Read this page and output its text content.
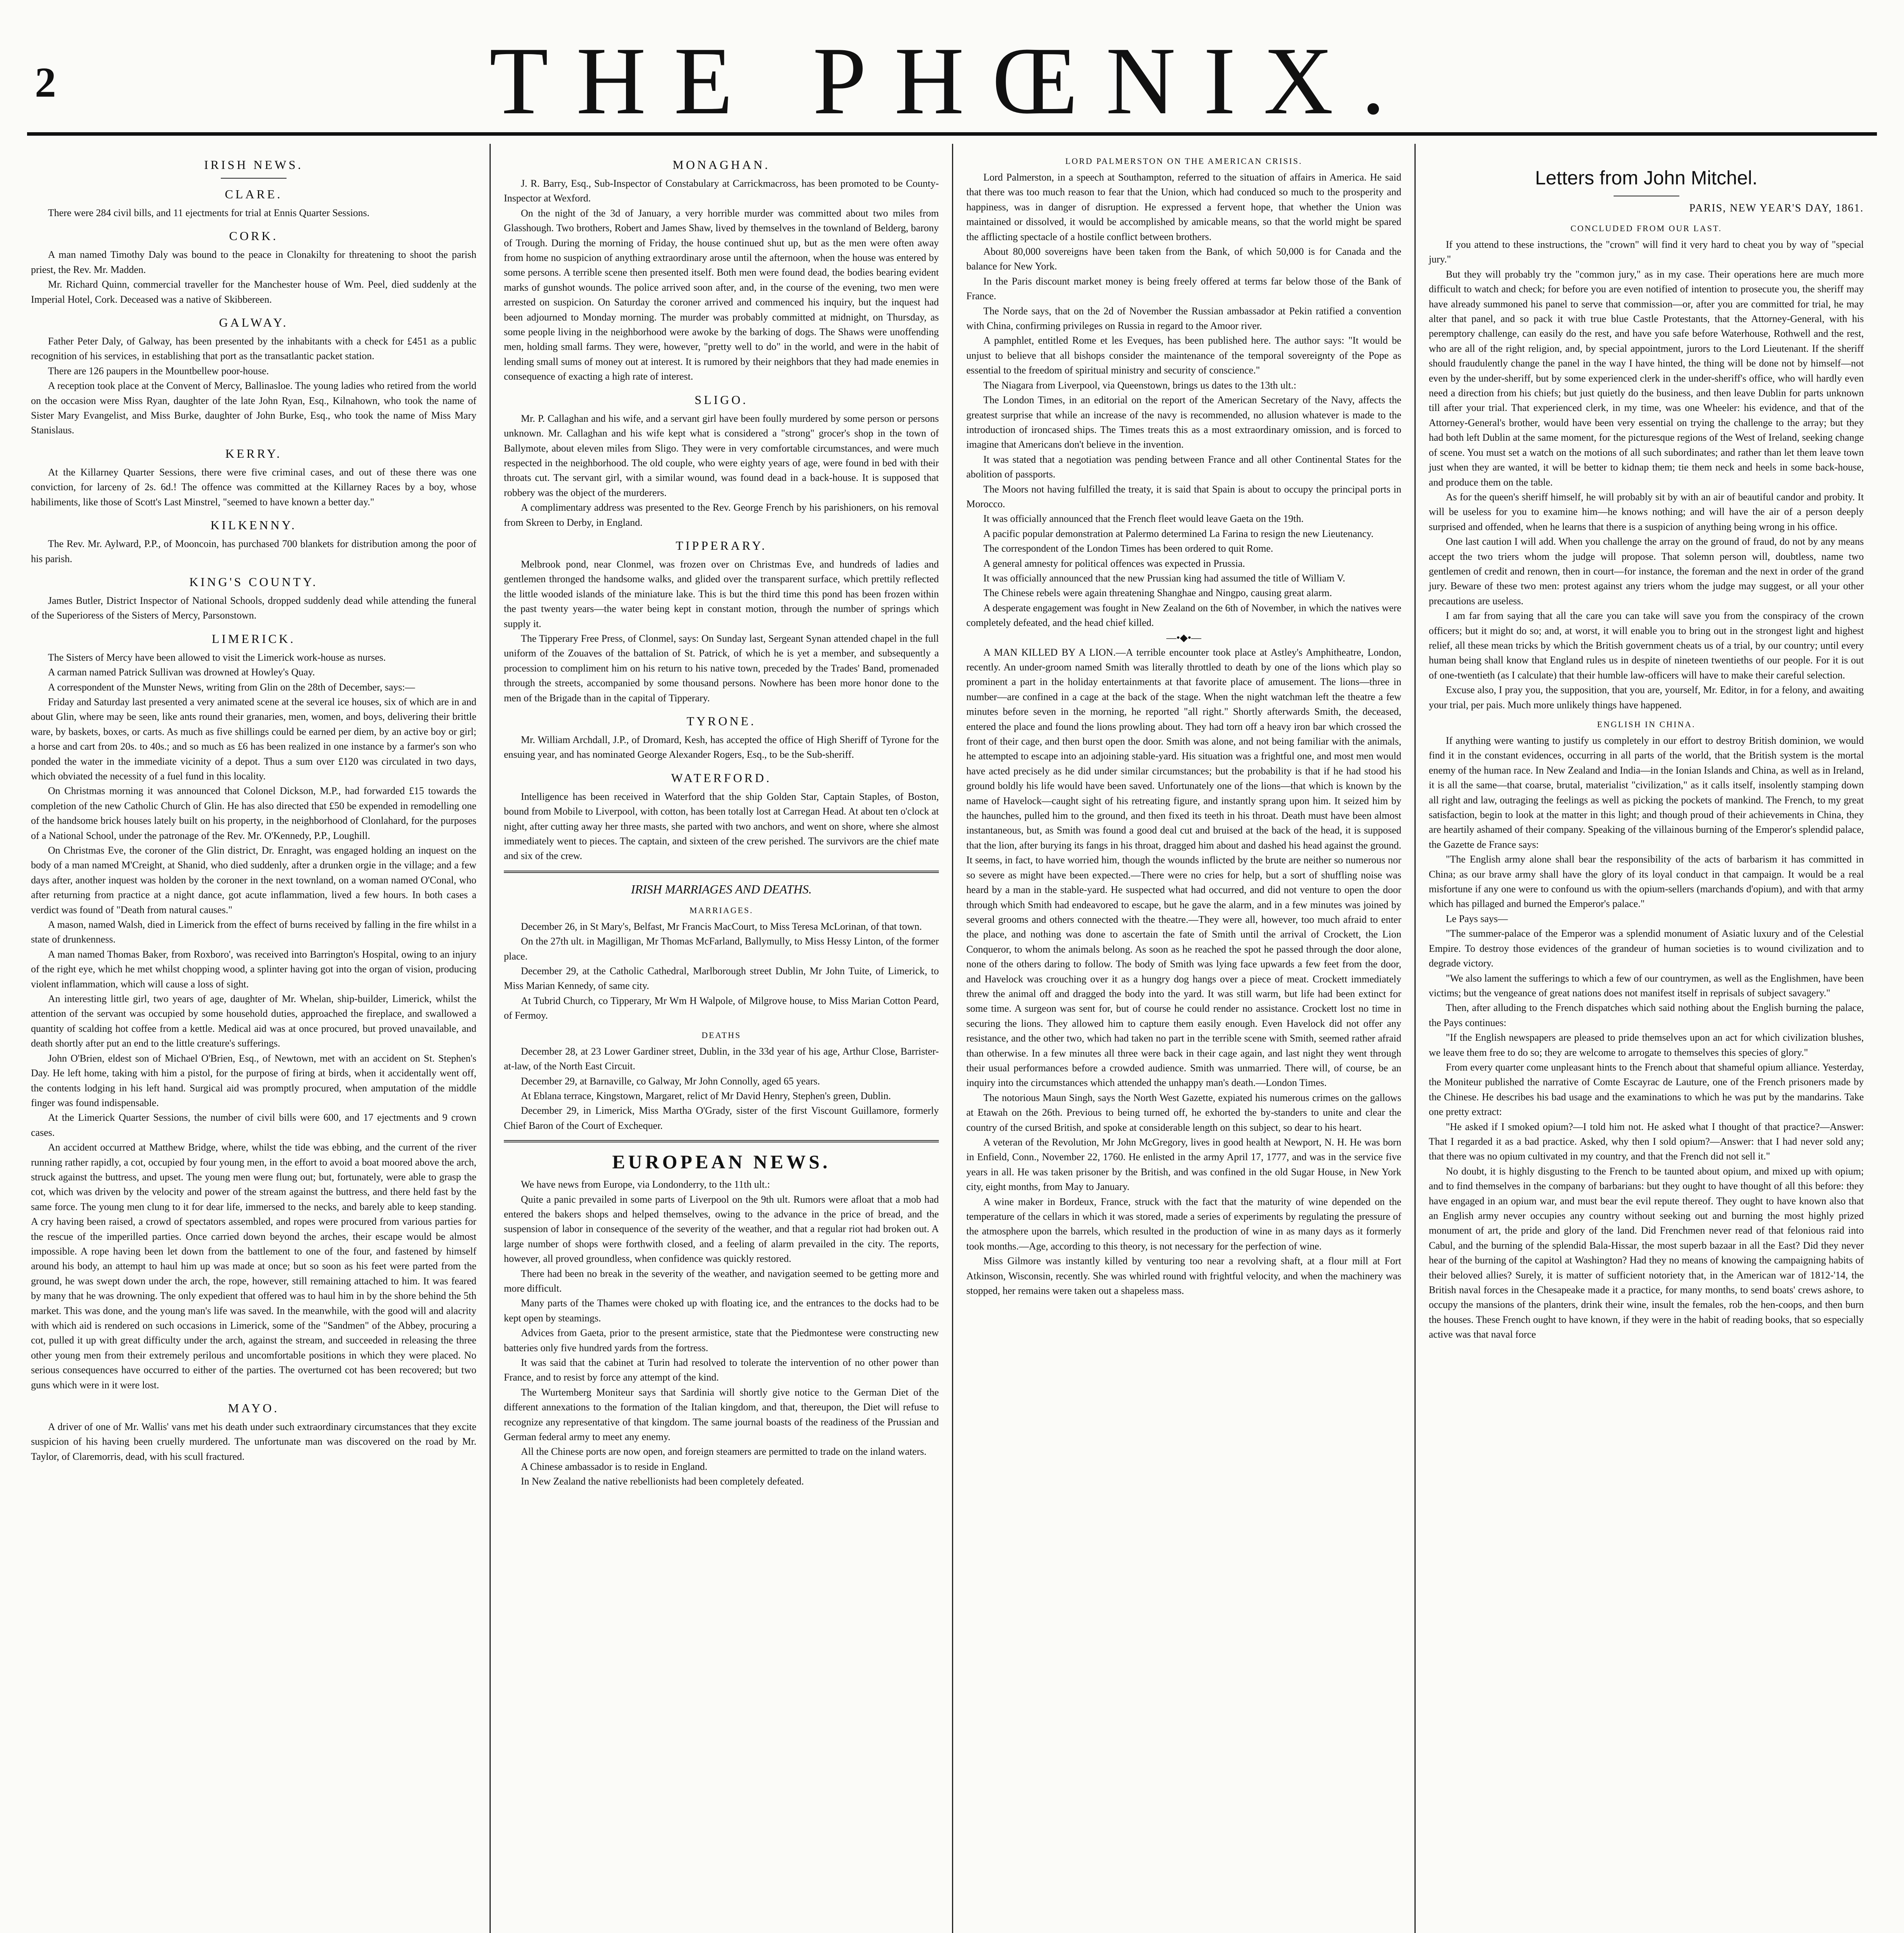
2	THE PHŒNIX.
IRISH NEWS.
CLARE.

There were 284 civil bills, and 11 ejectments for trial at Ennis Quarter Sessions.

CORK.

A man named Timothy Daly was bound to the peace in Clonakilty for threatening to shoot the parish priest, the Rev. Mr. Madden.

Mr. Richard Quinn, commercial traveller for the Manchester house of Wm. Peel, died suddenly at the Imperial Hotel, Cork. Deceased was a native of Skibbereen.

GALWAY.

Father Peter Daly, of Galway, has been presented by the inhabitants with a check for £451 as a public recognition of his services, in establishing that port as the transatlantic packet station.

There are 126 paupers in the Mountbellew poor-house.

A reception took place at the Convent of Mercy, Ballinasloe. The young ladies who retired from the world on the occasion were Miss Ryan, daughter of the late John Ryan, Esq., Kilnahown, who took the name of Sister Mary Evangelist, and Miss Burke, daughter of John Burke, Esq., who took the name of Miss Mary Stanislaus.

KERRY.

At the Killarney Quarter Sessions, there were five criminal cases, and out of these there was one conviction, for larceny of 2s. 6d.! The offence was committed at the Killarney Races by a boy, whose habiliments, like those of Scott's Last Minstrel, "seemed to have known a better day."

KILKENNY.

The Rev. Mr. Aylward, P.P., of Mooncoin, has purchased 700 blankets for distribution among the poor of his parish.

KING'S COUNTY.

James Butler, District Inspector of National Schools, dropped suddenly dead while attending the funeral of the Superioress of the Sisters of Mercy, Parsonstown.

LIMERICK.

The Sisters of Mercy have been allowed to visit the Limerick work-house as nurses.

A carman named Patrick Sullivan was drowned at Howley's Quay.

A correspondent of the Munster News, writing from Glin on the 28th of December, says:—

Friday and Saturday last presented a very animated scene at the several ice houses, six of which are in and about Glin, where may be seen, like ants round their granaries, men, women, and boys, delivering their brittle ware, by baskets, boxes, or carts. As much as five shillings could be earned per diem, by an active boy or girl; a horse and cart from 20s. to 40s.; and so much as £6 has been realized in one instance by a farmer's son who ponded the water in the immediate vicinity of a depot. Thus a sum over £120 was circulated in two days, which obviated the necessity of a fuel fund in this locality.

On Christmas morning it was announced that Colonel Dickson, M.P., had forwarded £15 towards the completion of the new Catholic Church of Glin. He has also directed that £50 be expended in remodelling one of the handsome brick houses lately built on his property, in the neighborhood of Clonlahard, for the purposes of a National School, under the patronage of the Rev. Mr. O'Kennedy, P.P., Loughill.

On Christmas Eve, the coroner of the Glin district, Dr. Enraght, was engaged holding an inquest on the body of a man named M'Creight, at Shanid, who died suddenly, after a drunken orgie in the village; and a few days after, another inquest was holden by the coroner in the next townland, on a woman named O'Conal, who after returning from practice at a night dance, got acute inflammation, lived a few hours. In both cases a verdict was found of "Death from natural causes."

A mason, named Walsh, died in Limerick from the effect of burns received by falling in the fire whilst in a state of drunkenness.

A man named Thomas Baker, from Roxboro', was received into Barrington's Hospital, owing to an injury of the right eye, which he met whilst chopping wood, a splinter having got into the organ of vision, producing violent inflammation, which will cause a loss of sight.

An interesting little girl, two years of age, daughter of Mr. Whelan, ship-builder, Limerick, whilst the attention of the servant was occupied by some household duties, approached the fireplace, and swallowed a quantity of scalding hot coffee from a kettle. Medical aid was at once procured, but proved unavailable, and death shortly after put an end to the little creature's sufferings.

John O'Brien, eldest son of Michael O'Brien, Esq., of Newtown, met with an accident on St. Stephen's Day. He left home, taking with him a pistol, for the purpose of firing at birds, when it accidentally went off, the contents lodging in his left hand. Surgical aid was promptly procured, when amputation of the middle finger was found indispensable.

At the Limerick Quarter Sessions, the number of civil bills were 600, and 17 ejectments and 9 crown cases.

An accident occurred at Matthew Bridge, where, whilst the tide was ebbing, and the current of the river running rather rapidly, a cot, occupied by four young men, in the effort to avoid a boat moored above the arch, struck against the buttress, and upset. The young men were flung out; but, fortunately, were able to grasp the cot, which was driven by the velocity and power of the stream against the buttress, and there held fast by the same force. The young men clung to it for dear life, immersed to the necks, and barely able to keep standing. A cry having been raised, a crowd of spectators assembled, and ropes were procured from various parties for the rescue of the imperilled parties. Once carried down beyond the arches, their escape would be almost impossible. A rope having been let down from the battlement to one of the four, and fastened by himself around his body, an attempt to haul him up was made at once; but so soon as his feet were parted from the ground, he was swept down under the arch, the rope, however, still remaining attached to him. It was feared by many that he was drowning. The only expedient that offered was to haul him in by the shore behind the 5th market. This was done, and the young man's life was saved. In the meanwhile, with the good will and alacrity with which aid is rendered on such occasions in Limerick, some of the "Sandmen" of the Abbey, procuring a cot, pulled it up with great difficulty under the arch, against the stream, and succeeded in releasing the three other young men from their extremely perilous and uncomfortable positions in which they were placed. No serious consequences have occurred to either of the parties. The overturned cot has been recovered; but two guns which were in it were lost.

MAYO.

A driver of one of Mr. Wallis' vans met his death under such extraordinary circumstances that they excite suspicion of his having been cruelly murdered. The unfortunate man was discovered on the road by Mr. Taylor, of Claremorris, dead, with his scull fractured.

MONAGHAN.

J. R. Barry, Esq., Sub-Inspector of Constabulary at Carrickmacross, has been promoted to be County-Inspector at Wexford.

On the night of the 3d of January, a very horrible murder was committed about two miles from Glasshough. Two brothers, Robert and James Shaw, lived by themselves in the townland of Belderg, barony of Trough. During the morning of Friday, the house continued shut up, but as the men were often away from home no suspicion of anything extraordinary arose until the afternoon, when the house was entered by some persons. A terrible scene then presented itself. Both men were found dead, the bodies bearing evident marks of gunshot wounds. The police arrived soon after, and, in the course of the evening, two men were arrested on suspicion. On Saturday the coroner arrived and commenced his inquiry, but the inquest had been adjourned to Monday morning. The murder was probably committed at midnight, on Thursday, as some people living in the neighborhood were awoke by the barking of dogs. The Shaws were unoffending men, holding small farms. They were, however, "pretty well to do" in the world, and were in the habit of lending small sums of money out at interest. It is rumored by their neighbors that they had made enemies in consequence of exacting a high rate of interest.

SLIGO.

Mr. P. Callaghan and his wife, and a servant girl have been foully murdered by some person or persons unknown. Mr. Callaghan and his wife kept what is considered a "strong" grocer's shop in the town of Ballymote, about eleven miles from Sligo. They were in very comfortable circumstances, and were much respected in the neighborhood. The old couple, who were eighty years of age, were found in bed with their throats cut. The servant girl, with a similar wound, was found dead in a back-house. It is supposed that robbery was the object of the murderers.

A complimentary address was presented to the Rev. George French by his parishioners, on his removal from Skreen to Derby, in England.

TIPPERARY.

Melbrook pond, near Clonmel, was frozen over on Christmas Eve, and hundreds of ladies and gentlemen thronged the handsome walks, and glided over the transparent surface, which prettily reflected the little wooded islands of the miniature lake. This is but the third time this pond has been frozen within the past twenty years—the water being kept in constant motion, through the number of springs which supply it.

The Tipperary Free Press, of Clonmel, says: On Sunday last, Sergeant Synan attended chapel in the full uniform of the Zouaves of the battalion of St. Patrick, of which he is yet a member, and subsequently a procession to compliment him on his return to his native town, preceded by the Trades' Band, promenaded through the streets, accompanied by some thousand persons. Nowhere has been more honor done to the men of the Brigade than in the capital of Tipperary.

TYRONE.

Mr. William Archdall, J.P., of Dromard, Kesh, has accepted the office of High Sheriff of Tyrone for the ensuing year, and has nominated George Alexander Rogers, Esq., to be the Sub-sheriff.

WATERFORD.

Intelligence has been received in Waterford that the ship Golden Star, Captain Staples, of Boston, bound from Mobile to Liverpool, with cotton, has been totally lost at Carregan Head. At about ten o'clock at night, after cutting away her three masts, she parted with two anchors, and went on shore, where she almost immediately went to pieces. The captain, and sixteen of the crew perished. The survivors are the chief mate and six of the crew.

IRISH MARRIAGES AND DEATHS.
MARRIAGES.

December 26, in St Mary's, Belfast, Mr Francis MacCourt, to Miss Teresa McLorinan, of that town.

On the 27th ult. in Magilligan, Mr Thomas McFarland, Ballymully, to Miss Hessy Linton, of the former place.

December 29, at the Catholic Cathedral, Marlborough street Dublin, Mr John Tuite, of Limerick, to Miss Marian Kennedy, of same city.

At Tubrid Church, co Tipperary, Mr Wm H Walpole, of Milgrove house, to Miss Marian Cotton Peard, of Fermoy.

DEATHS

December 28, at 23 Lower Gardiner street, Dublin, in the 33d year of his age, Arthur Close, Barrister-at-law, of the North East Circuit.

December 29, at Barnaville, co Galway, Mr John Connolly, aged 65 years.

At Eblana terrace, Kingstown, Margaret, relict of Mr David Henry, Stephen's green, Dublin.

December 29, in Limerick, Miss Martha O'Grady, sister of the first Viscount Guillamore, formerly Chief Baron of the Court of Exchequer.

EUROPEAN NEWS.

We have news from Europe, via Londonderry, to the 11th ult.:

Quite a panic prevailed in some parts of Liverpool on the 9th ult. Rumors were afloat that a mob had entered the bakers shops and helped themselves, owing to the advance in the price of bread, and the suspension of labor in consequence of the severity of the weather, and that a regular riot had broken out. A large number of shops were forthwith closed, and a feeling of alarm prevailed in the city. The reports, however, all proved groundless, when confidence was quickly restored.

There had been no break in the severity of the weather, and navigation seemed to be getting more and more difficult.

Many parts of the Thames were choked up with floating ice, and the entrances to the docks had to be kept open by steamings.

Advices from Gaeta, prior to the present armistice, state that the Piedmontese were constructing new batteries only five hundred yards from the fortress.

It was said that the cabinet at Turin had resolved to tolerate the intervention of no other power than France, and to resist by force any attempt of the kind.

The Wurtemberg Moniteur says that Sardinia will shortly give notice to the German Diet of the different annexations to the formation of the Italian kingdom, and that, thereupon, the Diet will refuse to recognize any representative of that kingdom. The same journal boasts of the readiness of the Prussian and German federal army to meet any enemy.

All the Chinese ports are now open, and foreign steamers are permitted to trade on the inland waters.

A Chinese ambassador is to reside in England.

In New Zealand the native rebellionists had been completely defeated.

LORD PALMERSTON ON THE AMERICAN CRISIS.

Lord Palmerston, in a speech at Southampton, referred to the situation of affairs in America. He said that there was too much reason to fear that the Union, which had conduced so much to the prosperity and happiness, was in danger of disruption. He expressed a fervent hope, that whether the Union was maintained or dissolved, it would be accomplished by amicable means, so that the world might be spared the afflicting spectacle of a hostile conflict between brothers.

About 80,000 sovereigns have been taken from the Bank, of which 50,000 is for Canada and the balance for New York.

In the Paris discount market money is being freely offered at terms far below those of the Bank of France.

The Norde says, that on the 2d of November the Russian ambassador at Pekin ratified a convention with China, confirming privileges on Russia in regard to the Amoor river.

A pamphlet, entitled Rome et les Eveques, has been published here. The author says: "It would be unjust to believe that all bishops consider the maintenance of the temporal sovereignty of the Pope as essential to the freedom of spiritual ministry and security of conscience."

The Niagara from Liverpool, via Queenstown, brings us dates to the 13th ult.:

The London Times, in an editorial on the report of the American Secretary of the Navy, affects the greatest surprise that while an increase of the navy is recommended, no allusion whatever is made to the introduction of ironcased ships. The Times treats this as a most extraordinary omission, and is forced to imagine that Americans don't believe in the invention.

It was stated that a negotiation was pending between France and all other Continental States for the abolition of passports.

The Moors not having fulfilled the treaty, it is said that Spain is about to occupy the principal ports in Morocco.

It was officially announced that the French fleet would leave Gaeta on the 19th.

A pacific popular demonstration at Palermo determined La Farina to resign the new Lieutenancy.

The correspondent of the London Times has been ordered to quit Rome.

A general amnesty for political offences was expected in Prussia.

It was officially announced that the new Prussian king had assumed the title of William V.

The Chinese rebels were again threatening Shanghae and Ningpo, causing great alarm.

A desperate engagement was fought in New Zealand on the 6th of November, in which the natives were completely defeated, and the head chief killed.

—•◆•—

A MAN KILLED BY A LION.—A terrible encounter took place at Astley's Amphitheatre, London, recently. An under-groom named Smith was literally throttled to death by one of the lions which play so prominent a part in the holiday entertainments at that favorite place of amusement. The lions—three in number—are confined in a cage at the back of the stage. When the night watchman left the theatre a few minutes before seven in the morning, he reported "all right." Shortly afterwards Smith, the deceased, entered the place and found the lions prowling about. They had torn off a heavy iron bar which crossed the front of their cage, and then burst open the door. Smith was alone, and not being familiar with the animals, he attempted to escape into an adjoining stable-yard. His situation was a frightful one, and most men would have acted precisely as he did under similar circumstances; but the probability is that if he had stood his ground boldly his life would have been saved. Unfortunately one of the lions—that which is known by the name of Havelock—caught sight of his retreating figure, and instantly sprang upon him. It seized him by the haunches, pulled him to the ground, and then fixed its teeth in his throat. Death must have been almost instantaneous, but, as Smith was found a good deal cut and bruised at the back of the head, it is supposed that the lion, after burying its fangs in his throat, dragged him about and dashed his head against the ground. It seems, in fact, to have worried him, though the wounds inflicted by the brute are neither so numerous nor so severe as might have been expected.—There were no cries for help, but a sort of shuffling noise was heard by a man in the stable-yard. He suspected what had occurred, and did not venture to open the door through which Smith had endeavored to escape, but he gave the alarm, and in a few minutes was joined by several grooms and others connected with the theatre.—They were all, however, too much afraid to enter the place, and nothing was done to ascertain the fate of Smith until the arrival of Crockett, the Lion Conqueror, to whom the animals belong. As soon as he reached the spot he passed through the door alone, none of the others daring to follow. The body of Smith was lying face upwards a few feet from the door, and Havelock was crouching over it as a hungry dog hangs over a piece of meat. Crockett immediately threw the animal off and dragged the body into the yard. It was still warm, but life had been extinct for some time. A surgeon was sent for, but of course he could render no assistance. Crockett lost no time in securing the lions. They allowed him to capture them easily enough. Even Havelock did not offer any resistance, and the other two, which had taken no part in the terrible scene with Smith, seemed rather afraid than otherwise. In a few minutes all three were back in their cage again, and last night they went through their usual performances before a crowded audience. Smith was unmarried. There will, of course, be an inquiry into the circumstances which attended the unhappy man's death.—London Times.

The notorious Maun Singh, says the North West Gazette, expiated his numerous crimes on the gallows at Etawah on the 26th. Previous to being turned off, he exhorted the by-standers to unite and clear the country of the cursed British, and spoke at considerable length on this subject, so dear to his heart.

A veteran of the Revolution, Mr John McGregory, lives in good health at Newport, N. H. He was born in Enfield, Conn., November 22, 1760. He enlisted in the army April 17, 1777, and was in the service five years in all. He was taken prisoner by the British, and was confined in the old Sugar House, in New York city, eight months, from May to January.

A wine maker in Bordeux, France, struck with the fact that the maturity of wine depended on the temperature of the cellars in which it was stored, made a series of experiments by regulating the pressure of the atmosphere upon the barrels, which resulted in the production of wine in as many days as it formerly took months.—Age, according to this theory, is not necessary for the perfection of wine.

Miss Gilmore was instantly killed by venturing too near a revolving shaft, at a flour mill at Fort Atkinson, Wisconsin, recently. She was whirled round with frightful velocity, and when the machinery was stopped, her remains were taken out a shapeless mass.

Letters from John Mitchel.
PARIS, NEW YEAR'S DAY, 1861.
CONCLUDED FROM OUR LAST.

If you attend to these instructions, the "crown" will find it very hard to cheat you by way of "special jury."

But they will probably try the "common jury," as in my case. Their operations here are much more difficult to watch and check; for before you are even notified of intention to prosecute you, the sheriff may have already summoned his panel to serve that commission—or, after you are committed for trial, he may alter that panel, and so pack it with true blue Castle Protestants, that the Attorney-General, with his peremptory challenge, can easily do the rest, and have you safe before Waterhouse, Rothwell and the rest, who are all of the right religion, and, by special appointment, jurors to the Lord Lieutenant. If the sheriff should fraudulently change the panel in the way I have hinted, the thing will be done not by himself—not even by the under-sheriff, but by some experienced clerk in the under-sheriff's office, who will hardly even need a direction from his chiefs; but just quietly do the business, and then leave Dublin for parts unknown till after your trial. That experienced clerk, in my time, was one Wheeler: his evidence, and that of the Attorney-General's brother, would have been very essential on trying the challenge to the array; but they had both left Dublin at the same moment, for the picturesque regions of the West of Ireland, seeking change of scene. You must set a watch on the motions of all such subordinates; and rather than let them leave town just when they are wanted, it will be better to kidnap them; tie them neck and heels in some back-house, and produce them on the table.

As for the queen's sheriff himself, he will probably sit by with an air of beautiful candor and probity. It will be useless for you to examine him—he knows nothing; and will have the air of a person deeply surprised and offended, when he learns that there is a suspicion of anything being wrong in his office.

One last caution I will add. When you challenge the array on the ground of fraud, do not by any means accept the two triers whom the judge will propose. That solemn person will, doubtless, name two gentlemen of credit and renown, then in court—for instance, the foreman and the next in order of the grand jury. Beware of these two men: protest against any triers whom the judge may suggest, or all your other precautions are useless.

I am far from saying that all the care you can take will save you from the conspiracy of the crown officers; but it might do so; and, at worst, it will enable you to bring out in the strongest light and highest relief, all these mean tricks by which the British government cheats us of a trial, by our country; until every human being shall know that England rules us in despite of nineteen twentieths of our people. For it is out of one-twentieth (as I calculate) that their humble law-officers will have to make their careful selection.

Excuse also, I pray you, the supposition, that you are, yourself, Mr. Editor, in for a felony, and awaiting your trial, per pais. Much more unlikely things have happened.

ENGLISH IN CHINA.

If anything were wanting to justify us completely in our effort to destroy British dominion, we would find it in the constant evidences, occurring in all parts of the world, that the British system is the mortal enemy of the human race. In New Zealand and India—in the Ionian Islands and China, as well as in Ireland, it is all the same—that coarse, brutal, materialist "civilization," as it calls itself, insolently stamping down all right and law, outraging the feelings as well as picking the pockets of mankind. The French, to my great satisfaction, begin to look at the matter in this light; and though proud of their achievements in China, they are heartily ashamed of their company. Speaking of the villainous burning of the Emperor's splendid palace, the Gazette de France says:

"The English army alone shall bear the responsibility of the acts of barbarism it has committed in China; as our brave army shall have the glory of its loyal conduct in that campaign. It would be a real misfortune if any one were to confound us with the opium-sellers (marchands d'opium), and with that army which has pillaged and burned the Emperor's palace."

Le Pays says—

"The summer-palace of the Emperor was a splendid monument of Asiatic luxury and of the Celestial Empire. To destroy those evidences of the grandeur of human societies is to wound civilization and to degrade victory.

"We also lament the sufferings to which a few of our countrymen, as well as the Englishmen, have been victims; but the vengeance of great nations does not manifest itself in reprisals of subject savagery."

Then, after alluding to the French dispatches which said nothing about the English burning the palace, the Pays continues:

"If the English newspapers are pleased to pride themselves upon an act for which civilization blushes, we leave them free to do so; they are welcome to arrogate to themselves this species of glory."

From every quarter come unpleasant hints to the French about that shameful opium alliance. Yesterday, the Moniteur published the narrative of Comte Escayrac de Lauture, one of the French prisoners made by the Chinese. He describes his bad usage and the examinations to which he was put by the mandarins. Take one pretty extract:

"He asked if I smoked opium?—I told him not. He asked what I thought of that practice?—Answer: That I regarded it as a bad practice. Asked, why then I sold opium?—Answer: that I had never sold any; that there was no opium cultivated in my country, and that the French did not sell it."

No doubt, it is highly disgusting to the French to be taunted about opium, and mixed up with opium; and to find themselves in the company of barbarians: but they ought to have thought of all this before: they have engaged in an opium war, and must bear the evil repute thereof. They ought to have known also that an English army never occupies any country without seeking out and burning the most highly prized monument of art, the pride and glory of the land. Did Frenchmen never read of that felonious raid into Cabul, and the burning of the splendid Bala-Hissar, the most superb bazaar in all the East? Did they never hear of the burning of the capitol at Washington? Had they no means of knowing the campaigning habits of their beloved allies? Surely, it is matter of sufficient notoriety that, in the American war of 1812-'14, the British naval forces in the Chesapeake made it a practice, for many months, to send boats' crews ashore, to occupy the mansions of the planters, drink their wine, insult the females, rob the hen-coops, and then burn the houses. These French ought to have known, if they were in the habit of reading books, that so especially active was that naval force
